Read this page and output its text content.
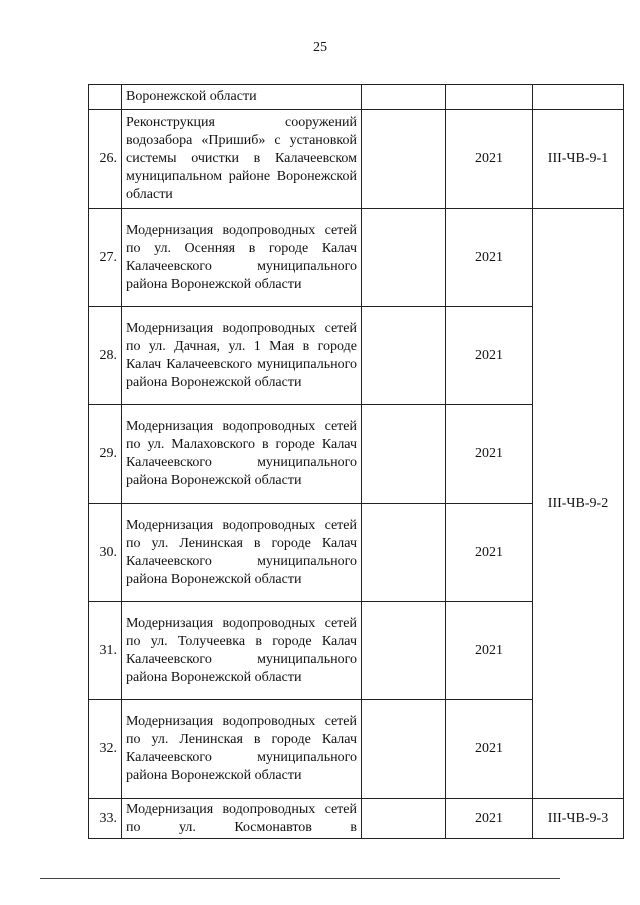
25
	Воронежской области			
26.	Реконструкция сооружений водозабора «Пришиб» с установкой системы очистки в Калачеевском муниципальном районе Воронежской области		2021	III-ЧВ-9-1
27.	Модернизация водопроводных сетей по ул. Осенняя в городе Калач Калачеевского муниципального района Воронежской области		2021	III-ЧВ-9-2
28.	Модернизация водопроводных сетей по ул. Дачная, ул. 1 Мая в городе Калач Калачеевского муниципального района Воронежской области		2021	
29.	Модернизация водопроводных сетей по ул. Малаховского в городе Калач Калачеевского муниципального района Воронежской области		2021	
30.	Модернизация водопроводных сетей по ул. Ленинская в городе Калач Калачеевского муниципального района Воронежской области		2021	
31.	Модернизация водопроводных сетей по ул. Толучеевка в городе Калач Калачеевского муниципального района Воронежской области		2021	
32.	Модернизация водопроводных сетей по ул. Ленинская в городе Калач Калачеевского муниципального района Воронежской области		2021	
33.	Модернизация водопроводных сетей по ул. Космонавтов в		2021	III-ЧВ-9-3
